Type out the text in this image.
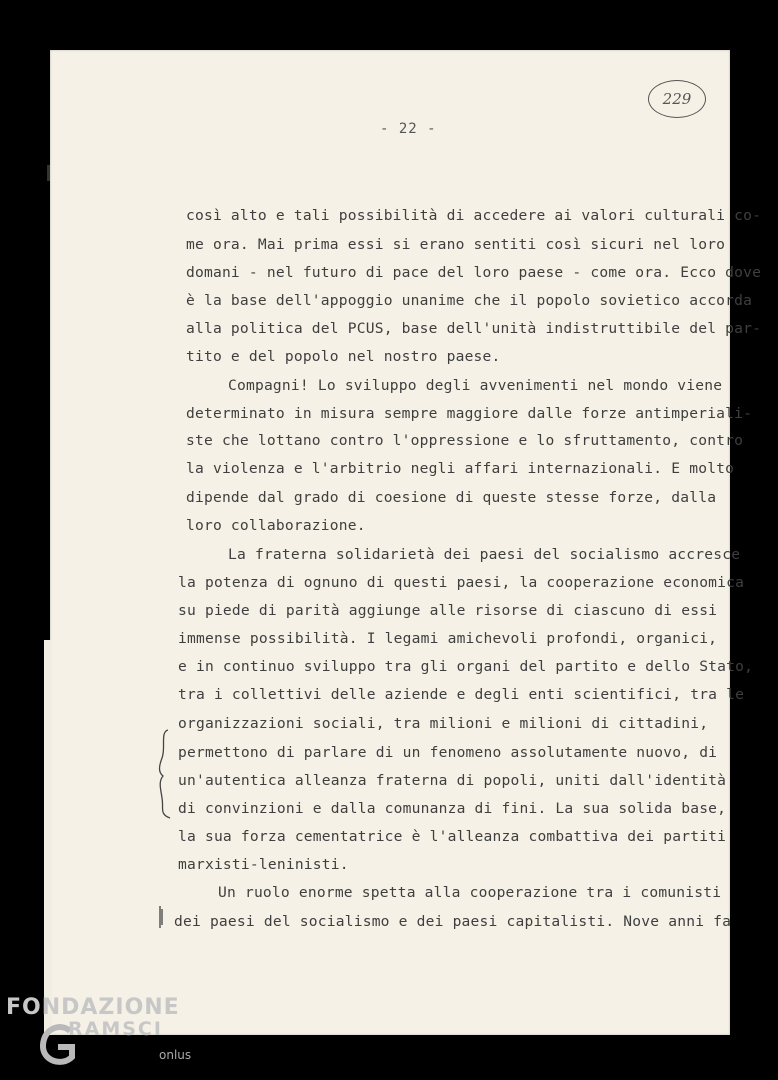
- 22 -
229
così alto e tali possibilità di accedere ai valori culturali co-
me ora. Mai prima essi si erano sentiti così sicuri nel loro
domani - nel futuro di pace del loro paese - come ora. Ecco dove
è la base dell'appoggio unanime che il popolo sovietico accorda
alla politica del PCUS, base dell'unità indistruttibile del par-
tito e del popolo nel nostro paese.
Compagni! Lo sviluppo degli avvenimenti nel mondo viene
determinato in misura sempre maggiore dalle forze antimperiali-
ste che lottano contro l'oppressione e lo sfruttamento, contro
la violenza e l'arbitrio negli affari internazionali. E molto
dipende dal grado di coesione di queste stesse forze, dalla
loro collaborazione.
La fraterna solidarietà dei paesi del socialismo accresce
la potenza di ognuno di questi paesi, la cooperazione economica
su piede di parità aggiunge alle risorse di ciascuno di essi
immense possibilità. I legami amichevoli profondi, organici,
e in continuo sviluppo tra gli organi del partito e dello Stato,
tra i collettivi delle aziende e degli enti scientifici, tra le
organizzazioni sociali, tra milioni e milioni di cittadini,
permettono di parlare di un fenomeno assolutamente nuovo, di
un'autentica alleanza fraterna di popoli, uniti dall'identità
di convinzioni e dalla comunanza di fini. La sua solida base,
la sua forza cementatrice è l'alleanza combattiva dei partiti
marxisti-leninisti.
Un ruolo enorme spetta alla cooperazione tra i comunisti
dei paesi del socialismo e dei paesi capitalisti. Nove anni fa
FONDAZIONE
RAMSCI
onlus
